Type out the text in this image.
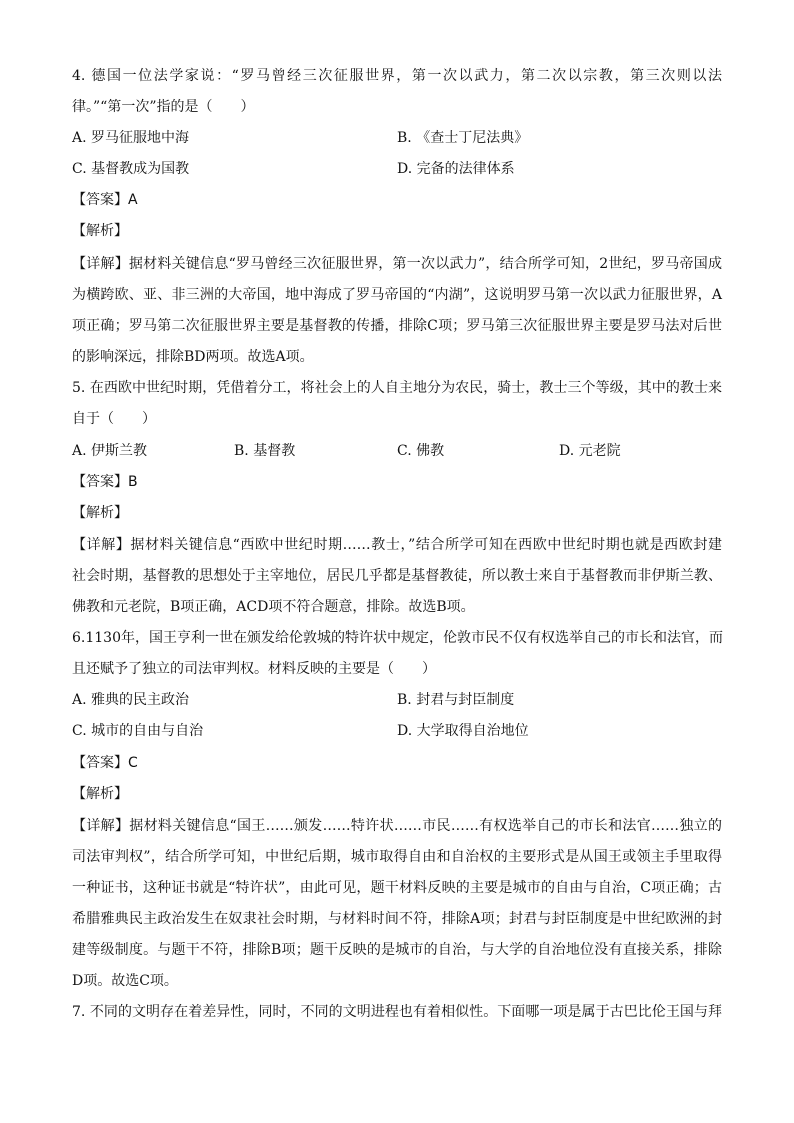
4. 德国一位法学家说：“罗马曾经三次征服世界，第一次以武力，第二次以宗教，第三次则以法
律。”“第一次”指的是（　　）
A. 罗马征服地中海	B. 《查士丁尼法典》
C. 基督教成为国教	D. 完备的法律体系
【答案】A
【解析】
【详解】据材料关键信息“罗马曾经三次征服世界，第一次以武力”，结合所学可知，2世纪，罗马帝国成
为横跨欧、亚、非三洲的大帝国，地中海成了罗马帝国的“内湖”，这说明罗马第一次以武力征服世界，A
项正确；罗马第二次征服世界主要是基督教的传播，排除C项；罗马第三次征服世界主要是罗马法对后世
的影响深远，排除BD两项。故选A项。
5. 在西欧中世纪时期，凭借着分工，将社会上的人自主地分为农民，骑士，教士三个等级，其中的教士来
自于（　　）
A. 伊斯兰教	B. 基督教	C. 佛教	D. 元老院
【答案】B
【解析】
【详解】据材料关键信息“西欧中世纪时期……教士，”结合所学可知在西欧中世纪时期也就是西欧封建
社会时期，基督教的思想处于主宰地位，居民几乎都是基督教徒，所以教士来自于基督教而非伊斯兰教、
佛教和元老院，B项正确，ACD项不符合题意，排除。故选B项。
6.1130年，国王亨利一世在颁发给伦敦城的特许状中规定，伦敦市民不仅有权选举自己的市长和法官，而
且还赋予了独立的司法审判权。材料反映的主要是（　　）
A. 雅典的民主政治	B. 封君与封臣制度
C. 城市的自由与自治	D. 大学取得自治地位
【答案】C
【解析】
【详解】据材料关键信息“国王……颁发……特许状……市民……有权选举自己的市长和法官……独立的
司法审判权”，结合所学可知，中世纪后期，城市取得自由和自治权的主要形式是从国王或领主手里取得
一种证书，这种证书就是“特许状”，由此可见，题干材料反映的主要是城市的自由与自治，C项正确；古
希腊雅典民主政治发生在奴隶社会时期，与材料时间不符，排除A项；封君与封臣制度是中世纪欧洲的封
建等级制度。与题干不符，排除B项；题干反映的是城市的自治，与大学的自治地位没有直接关系，排除
D项。故选C项。
7. 不同的文明存在着差异性，同时，不同的文明进程也有着相似性。下面哪一项是属于古巴比伦王国与拜
